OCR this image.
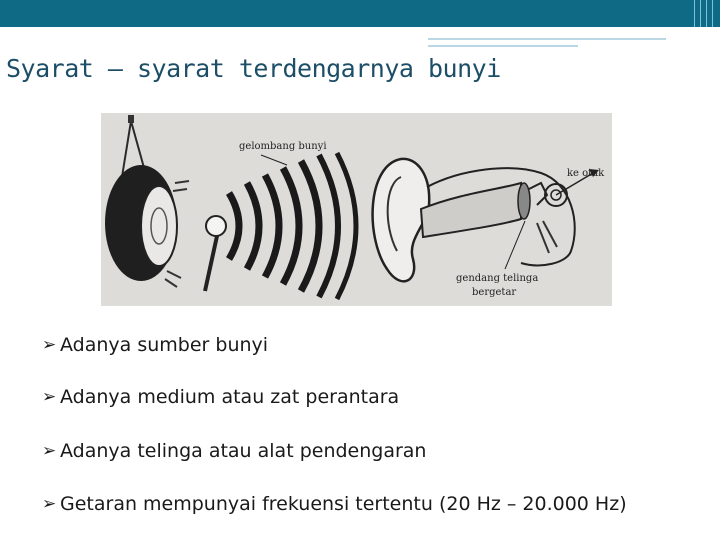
Syarat – syarat terdengarnya bunyi
gelombang bunyi
ke otak
gendang telinga
bergetar
➢ Adanya sumber bunyi
➢ Adanya medium atau zat perantara
➢ Adanya telinga atau alat pendengaran
➢ Getaran mempunyai frekuensi tertentu (20 Hz – 20.000 Hz)
